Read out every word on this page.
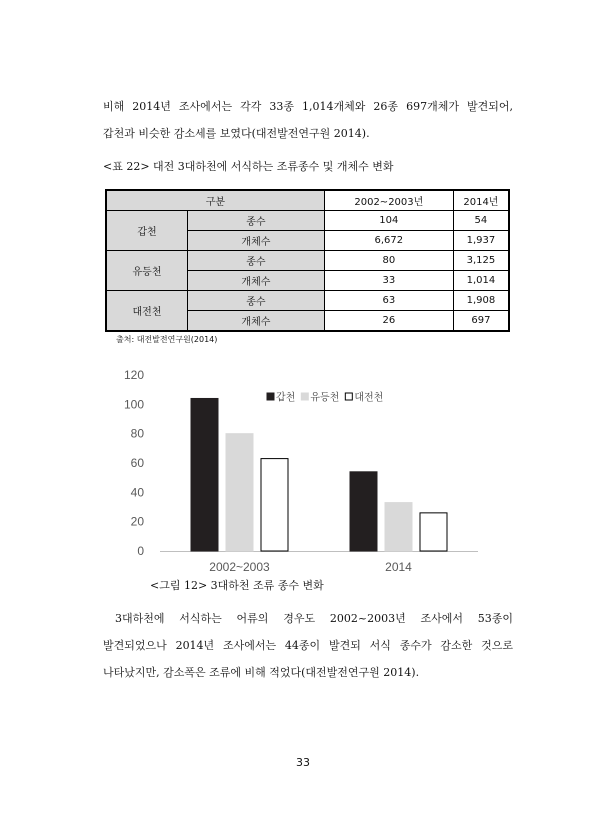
비해 2014년 조사에서는 각각 33종 1,014개체와 26종 697개체가 발견되어,
갑천과 비슷한 감소세를 보였다(대전발전연구원 2014).
<표 22> 대전 3대하천에 서식하는 조류종수 및 개체수 변화
구분		2002~2003년	2014년
갑천	종수	104	54
	개체수	6,672	1,937
유등천	종수	80	3,125
	개체수	33	1,014
대전천	종수	63	1,908
	개체수	26	697
출처: 대전발전연구원(2014)
0
20
40
60
80
100
120
2002~2003	2014
갑천 유등천 대전천
<그림 12> 3대하천 조류 종수 변화
3대하천에 서식하는 어류의 경우도 2002~2003년 조사에서 53종이
발견되었으나 2014년 조사에서는 44종이 발견되 서식 종수가 감소한 것으로
나타났지만, 감소폭은 조류에 비해 적었다(대전발전연구원 2014).
33
